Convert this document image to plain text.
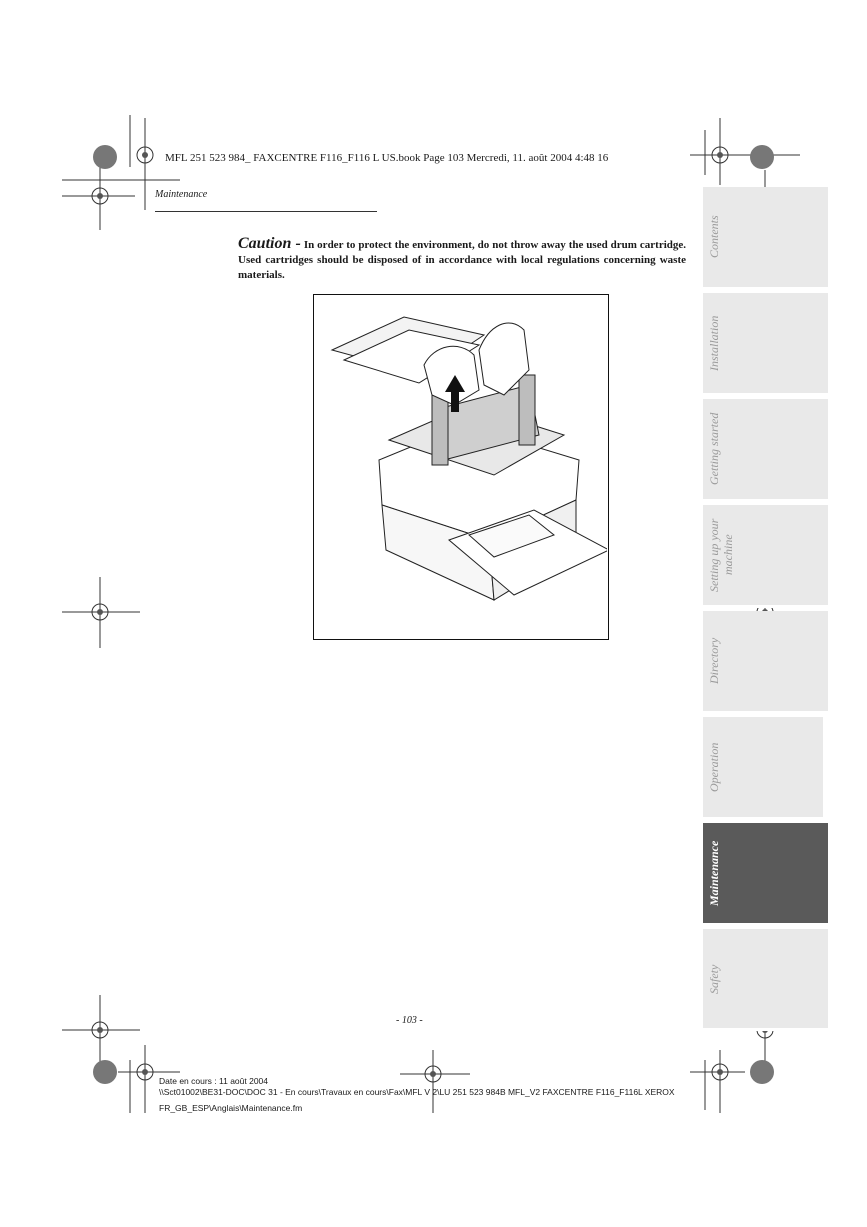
MFL 251 523 984_ FAXCENTRE F116_F116 L US.book Page 103 Mercredi, 11. août 2004 4:48 16
Maintenance
Caution - In order to protect the environment, do not throw away the used drum cartridge. Used cartridges should be disposed of in accordance with local regulations concerning waste materials.
- 103 -
Date en cours : 11 août 2004
\\Sct01002\BE31-DOC\DOC 31 - En cours\Travaux en cours\Fax\MFL V 2\LU 251 523 984B MFL_V2 FAXCENTRE F116_F116L XEROX
FR_GB_ESP\Anglais\Maintenance.fm
Contents
Installation
Getting started
Setting up your machine
Directory
Operation
Maintenance
Safety
